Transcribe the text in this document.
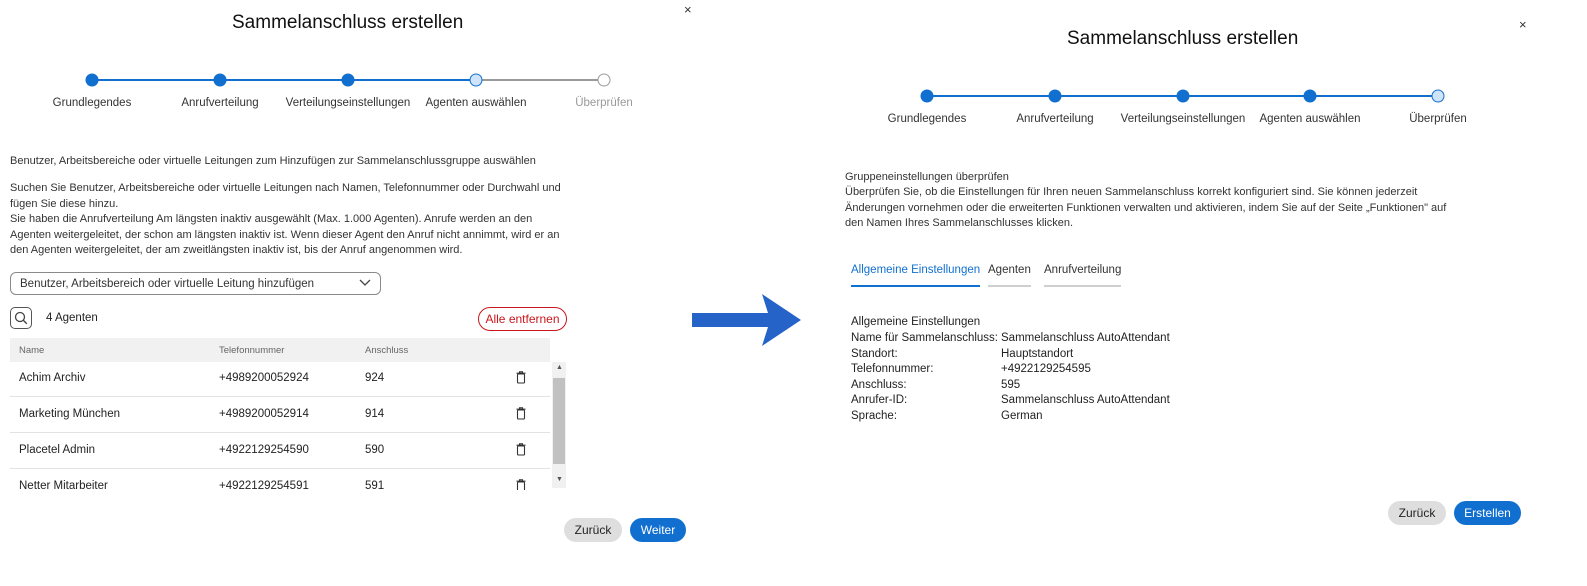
Sammelanschluss erstellen
×
Grundlegendes	Anrufverteilung Verteilungseinstellungen Agenten auswählen	Überprüfen
Benutzer, Arbeitsbereiche oder virtuelle Leitungen zum Hinzufügen zur Sammelanschlussgruppe auswählen
Suchen Sie Benutzer, Arbeitsbereiche oder virtuelle Leitungen nach Namen, Telefonnummer oder Durchwahl und fügen Sie diese hinzu.
Sie haben die Anrufverteilung Am längsten inaktiv ausgewählt (Max. 1.000 Agenten). Anrufe werden an den Agenten weitergeleitet, der schon am längsten inaktiv ist. Wenn dieser Agent den Anruf nicht annimmt, wird er an den Agenten weitergeleitet, der am zweitlängsten inaktiv ist, bis der Anruf angenommen wird.
Benutzer, Arbeitsbereich oder virtuelle Leitung hinzufügen
4 Agenten	Alle entfernen
Name	Telefonnummer	Anschluss
Achim Archiv	+4989200052924	924
Marketing München	+4989200052914	914
Placetel Admin	+4922129254590	590
Netter Mitarbeiter	+4922129254591	591
▲
▼
Zurück	Weiter
Sammelanschluss erstellen
×
Grundlegendes	Anrufverteilung Verteilungseinstellungen Agenten auswählen	Überprüfen
Gruppeneinstellungen überprüfen
Überprüfen Sie, ob die Einstellungen für Ihren neuen Sammelanschluss korrekt konfiguriert sind. Sie können jederzeit Änderungen vornehmen oder die erweiterten Funktionen verwalten und aktivieren, indem Sie auf der Seite „Funktionen" auf den Namen Ihres Sammelanschlusses klicken.
Allgemeine Einstellungen Agenten Anrufverteilung
Allgemeine Einstellungen
Name für Sammelanschluss: Sammelanschluss AutoAttendant
Standort:	Hauptstandort
Telefonnummer:	+4922129254595
Anschluss:	595
Anrufer-ID:	Sammelanschluss AutoAttendant
Sprache:	German
Zurück	Erstellen
